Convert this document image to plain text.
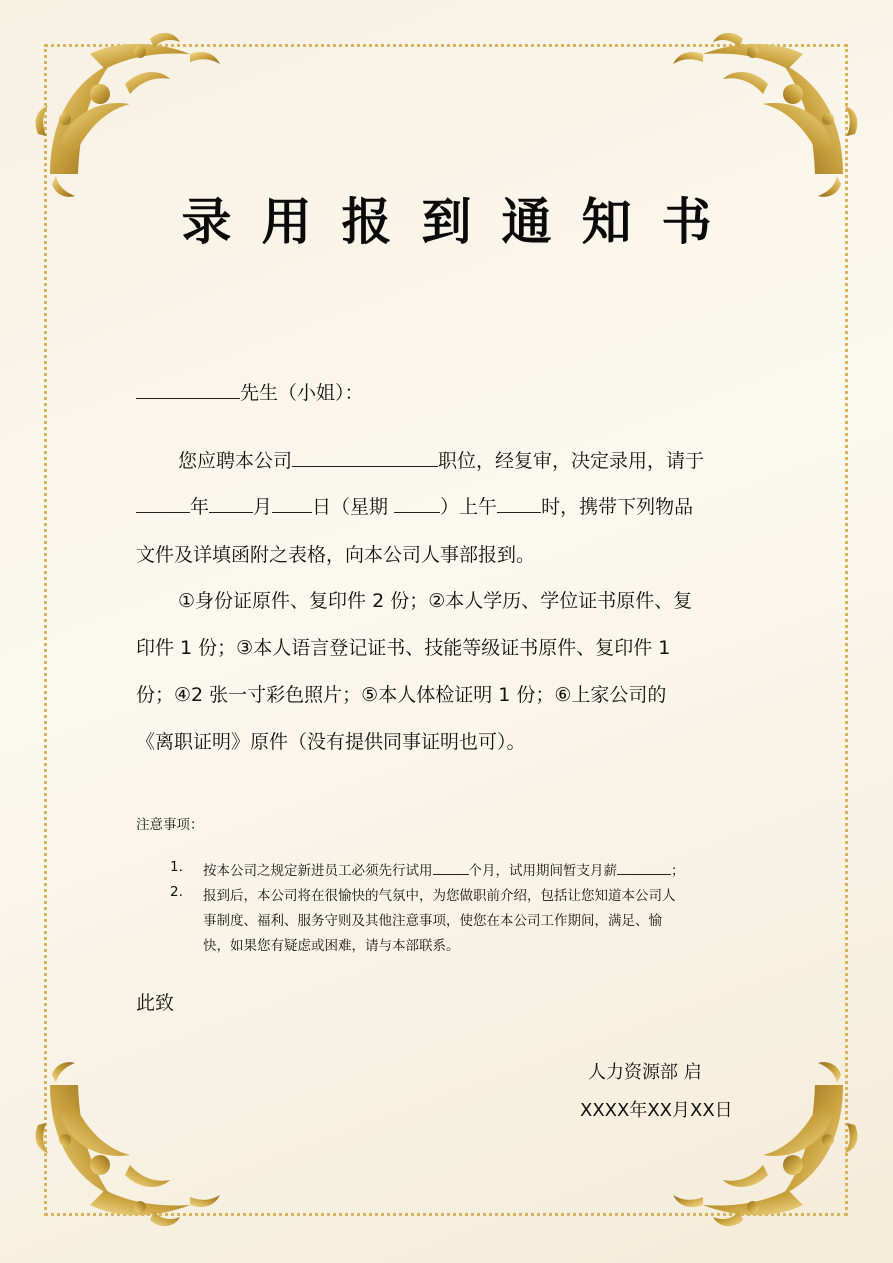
录用报到通知书
先生（小姐）：
您应聘本公司	职位，经复审，决定录用，请于
年 月 日（星期	）上午 时，携带下列物品
文件及详填函附之表格，向本公司人事部报到。
①身份证原件、复印件 2 份；②本人学历、学位证书原件、复
印件 1 份；③本人语言登记证书、技能等级证书原件、复印件 1
份；④2 张一寸彩色照片；⑤本人体检证明 1 份；⑥上家公司的
《离职证明》原件（没有提供同事证明也可）。
注意事项：
1. 按本公司之规定新进员工必须先行试用	个月，试用期间暂支月薪	；
2. 报到后，本公司将在很愉快的气氛中，为您做职前介绍，包括让您知道本公司人
事制度、福利、服务守则及其他注意事项，使您在本公司工作期间，满足、愉
快，如果您有疑虑或困难，请与本部联系。
此致
人力资源部 启
XXXX年XX月XX日
